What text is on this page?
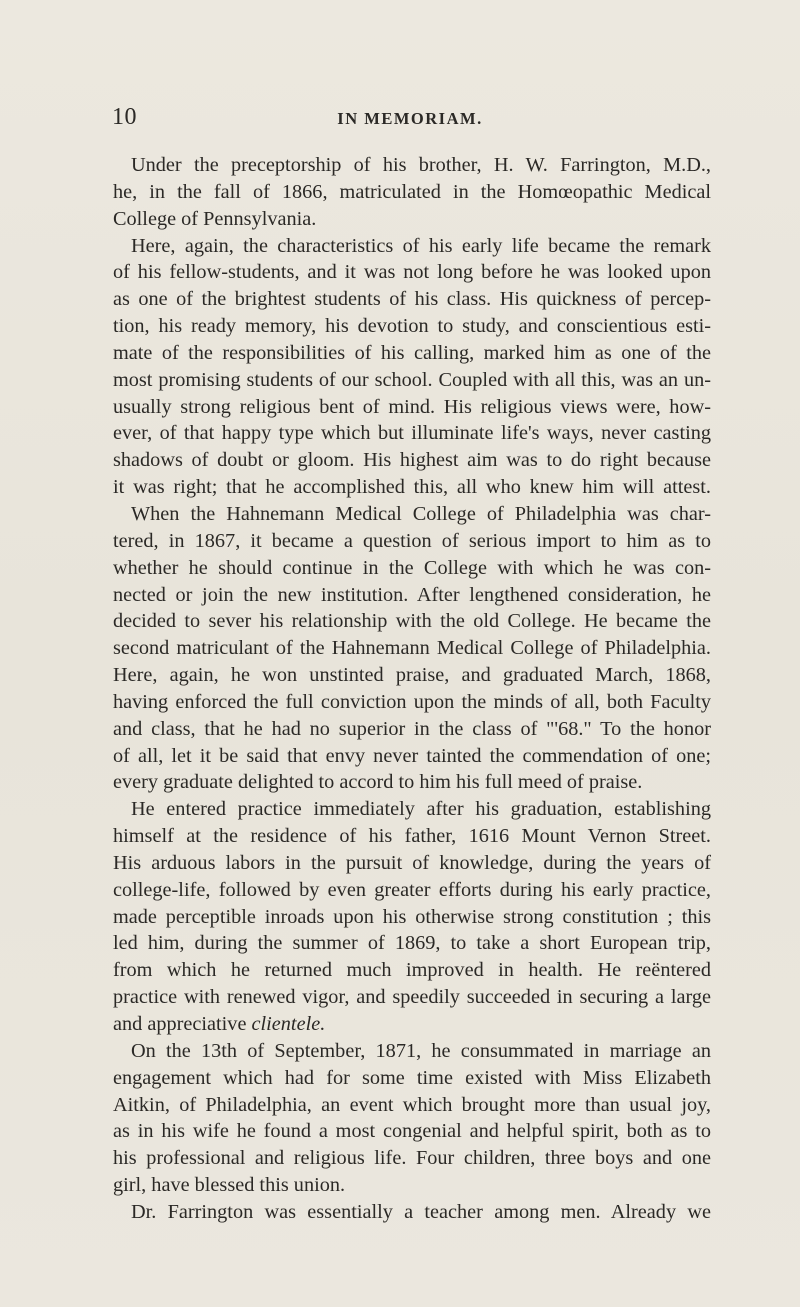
10	IN MEMORIAM.
Under the preceptorship of his brother, H. W. Farrington, M.D.,
he, in the fall of 1866, matriculated in the Homœopathic Medical
College of Pennsylvania.
Here, again, the characteristics of his early life became the remark
of his fellow-students, and it was not long before he was looked upon
as one of the brightest students of his class. His quickness of percep-
tion, his ready memory, his devotion to study, and conscientious esti-
mate of the responsibilities of his calling, marked him as one of the
most promising students of our school. Coupled with all this, was an un-
usually strong religious bent of mind. His religious views were, how-
ever, of that happy type which but illuminate life's ways, never casting
shadows of doubt or gloom. His highest aim was to do right because
it was right; that he accomplished this, all who knew him will attest.
When the Hahnemann Medical College of Philadelphia was char-
tered, in 1867, it became a question of serious import to him as to
whether he should continue in the College with which he was con-
nected or join the new institution. After lengthened consideration, he
decided to sever his relationship with the old College. He became the
second matriculant of the Hahnemann Medical College of Philadelphia.
Here, again, he won unstinted praise, and graduated March, 1868,
having enforced the full conviction upon the minds of all, both Faculty
and class, that he had no superior in the class of "'68." To the honor
of all, let it be said that envy never tainted the commendation of one;
every graduate delighted to accord to him his full meed of praise.
He entered practice immediately after his graduation, establishing
himself at the residence of his father, 1616 Mount Vernon Street.
His arduous labors in the pursuit of knowledge, during the years of
college-life, followed by even greater efforts during his early practice,
made perceptible inroads upon his otherwise strong constitution ; this
led him, during the summer of 1869, to take a short European trip,
from which he returned much improved in health. He reëntered
practice with renewed vigor, and speedily succeeded in securing a large
and appreciative clientele.
On the 13th of September, 1871, he consummated in marriage an
engagement which had for some time existed with Miss Elizabeth
Aitkin, of Philadelphia, an event which brought more than usual joy,
as in his wife he found a most congenial and helpful spirit, both as to
his professional and religious life. Four children, three boys and one
girl, have blessed this union.
Dr. Farrington was essentially a teacher among men. Already we
